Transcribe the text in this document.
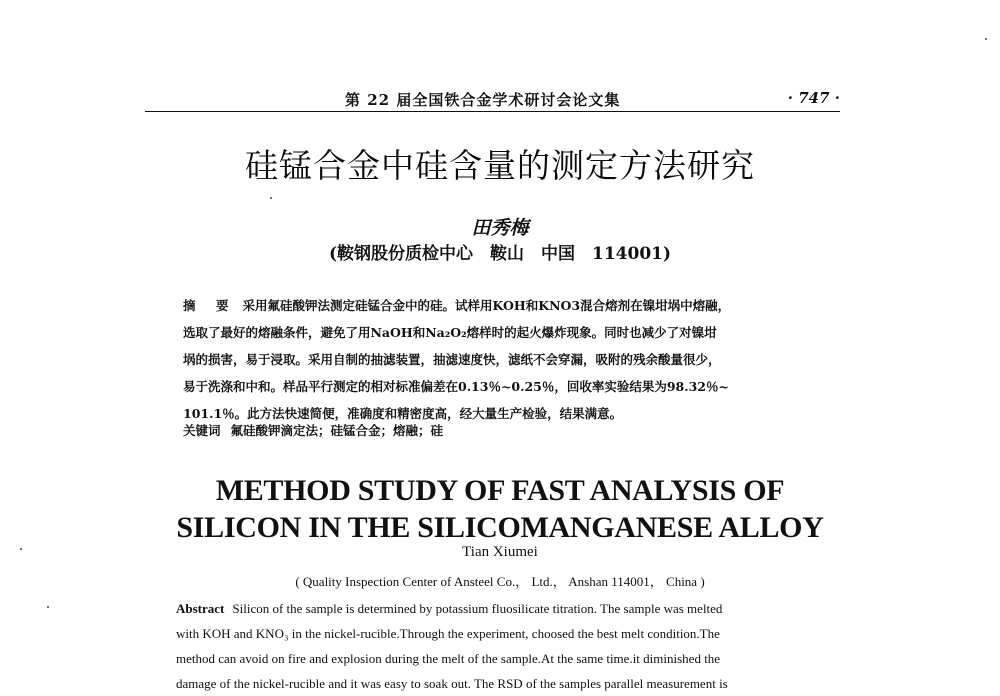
第 22 届全国铁合金学术研讨会论文集	· 747 ·
硅锰合金中硅含量的测定方法研究
田秀梅
(鞍钢股份质检中心　鞍山　中国　114001)
摘　要 采用氟硅酸钾法测定硅锰合金中的硅。试样用KOH和KNO3混合熔剂在镍坩埚中熔融，
选取了最好的熔融条件，避免了用NaOH和Na₂O₂熔样时的起火爆炸现象。同时也减少了对镍坩
埚的损害，易于浸取。采用自制的抽滤装置，抽滤速度快，滤纸不会穿漏，吸附的残余酸量很少，
易于洗涤和中和。样品平行测定的相对标准偏差在0.13％~0.25％，回收率实验结果为98.32％~
101.1％。此方法快速简便，准确度和精密度高，经大量生产检验，结果满意。
关键词 氟硅酸钾滴定法；硅锰合金；熔融；硅
METHOD STUDY OF FAST ANALYSIS OF
SILICON IN THE SILICOMANGANESE ALLOY
Tian Xiumei
( Quality Inspection Center of Ansteel Co.， Ltd.， Anshan 114001， China )
Abstract Silicon of the sample is determined by potassium fluosilicate titration. The sample was melted
with KOH and KNO₃ in the nickel-rucible.Through the experiment, choosed the best melt condition.The
method can avoid on fire and explosion during the melt of the sample.At the same time.it diminished the
damage of the nickel-rucible and it was easy to soak out. The RSD of the samples parallel measurement is
